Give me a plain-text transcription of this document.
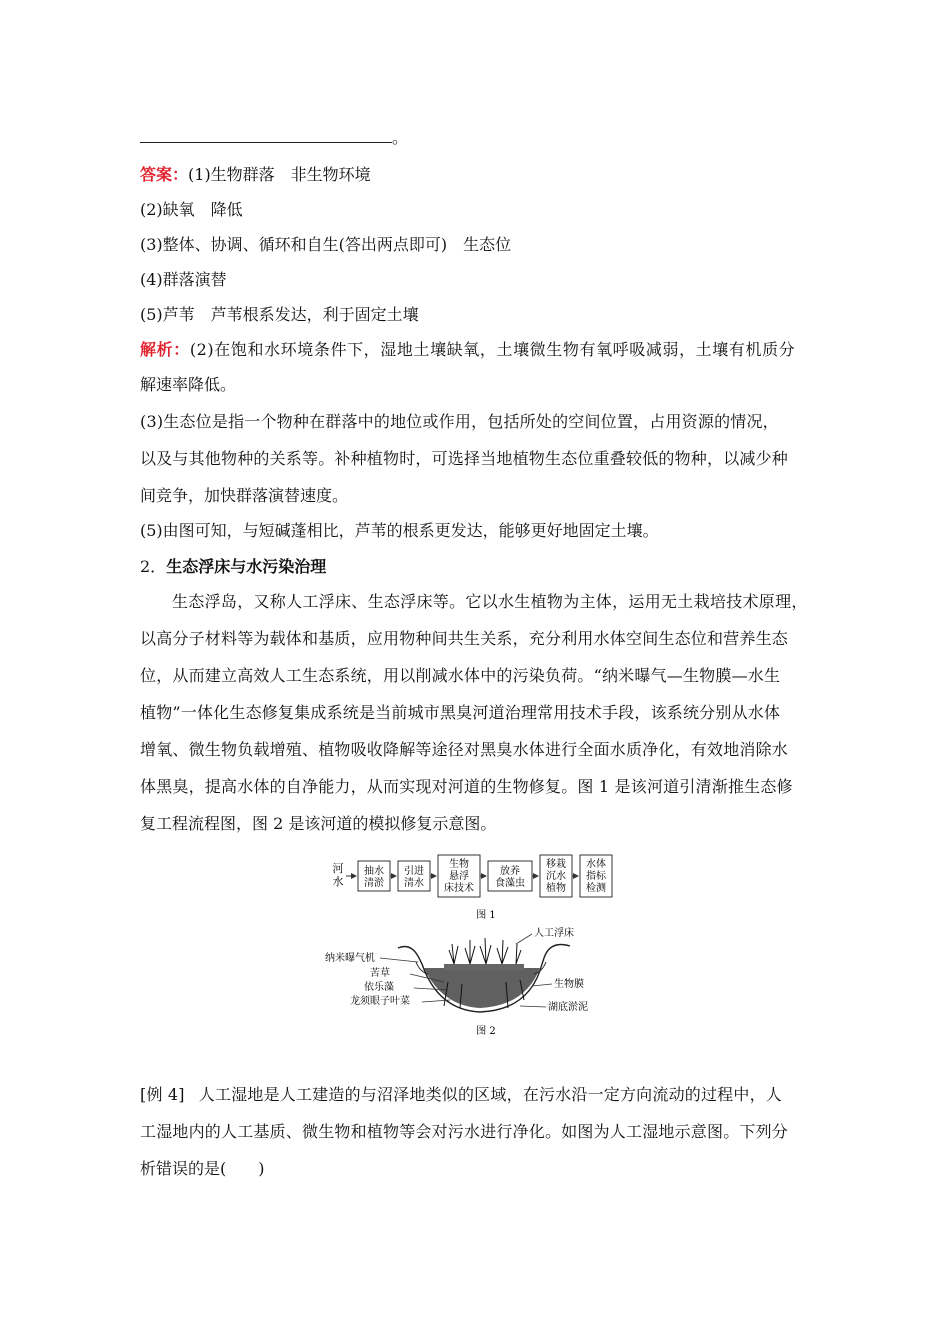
。
答案：(1)生物群落　非生物环境
(2)缺氧　降低
(3)整体、协调、循环和自生(答出两点即可)　生态位
(4)群落演替
(5)芦苇　芦苇根系发达，利于固定土壤
解析：(2)在饱和水环境条件下，湿地土壤缺氧，土壤微生物有氧呼吸减弱，土壤有机质分
解速率降低。
(3)生态位是指一个物种在群落中的地位或作用，包括所处的空间位置，占用资源的情况，
以及与其他物种的关系等。补种植物时，可选择当地植物生态位重叠较低的物种，以减少种
间竞争，加快群落演替速度。
(5)由图可知，与短碱蓬相比，芦苇的根系更发达，能够更好地固定土壤。
2．生态浮床与水污染治理
生态浮岛，又称人工浮床、生态浮床等。它以水生植物为主体，运用无土栽培技术原理，
以高分子材料等为载体和基质，应用物种间共生关系，充分利用水体空间生态位和营养生态
位，从而建立高效人工生态系统，用以削减水体中的污染负荷。“纳米曝气—生物膜—水生
植物”一体化生态修复集成系统是当前城市黑臭河道治理常用技术手段，该系统分别从水体
增氧、微生物负载增殖、植物吸收降解等途径对黑臭水体进行全面水质净化，有效地消除水
体黑臭，提高水体的自净能力，从而实现对河道的生物修复。图 1 是该河道引清渐推生态修
复工程流程图，图 2 是该河道的模拟修复示意图。
河
水
抽水
清淤
引进
清水
生物
悬浮
床技术
放养
食藻虫
移栽
沉水
植物
水体
指标
检测
图 1
人工浮床
纳米曝气机
苦草
依乐藻
龙须眼子叶菜
生物膜
湖底淤泥
图 2
[例 4] 人工湿地是人工建造的与沼泽地类似的区域，在污水沿一定方向流动的过程中，人
工湿地内的人工基质、微生物和植物等会对污水进行净化。如图为人工湿地示意图。下列分
析错误的是(　　)
